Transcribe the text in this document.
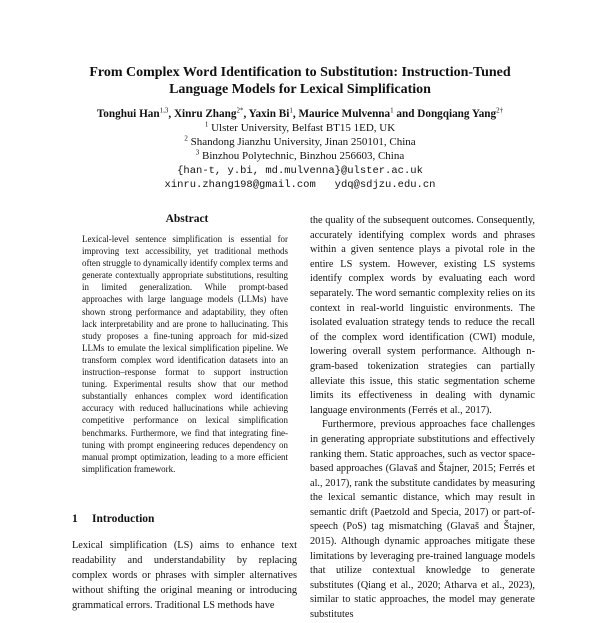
From Complex Word Identification to Substitution: Instruction-Tuned
Language Models for Lexical Simplification
Tonghui Han$^{1,3}$, Xinru Zhang$^{2*}$, Yaxin Bi$^1$, Maurice Mulvenna$^1$ and Dongqiang Yang$^{2\dagger}$
$^1$ Ulster University, Belfast BT15 1ED, UK
$^2$ Shandong Jianzhu University, Jinan 250101, China
$^3$ Binzhou Polytechnic, Binzhou 256603, China
{han-t, y.bi, md.mulvenna}@ulster.ac.uk
xinru.zhang198@gmail.com   ydq@sdjzu.edu.cn
Abstract
Lexical-level sentence simplification is essential for improving text accessibility, yet traditional methods often struggle to dynamically identify complex terms and generate contextually appropriate substitutions, resulting in limited generalization. While prompt-based approaches with large language models (LLMs) have shown strong performance and adaptability, they often lack interpretability and are prone to hallucinating. This study proposes a fine-tuning approach for mid-sized LLMs to emulate the lexical simplification pipeline. We transform complex word identification datasets into an instruction–response format to support instruction tuning. Experimental results show that our method substantially enhances complex word identification accuracy with reduced hallucinations while achieving competitive performance on lexical simplification benchmarks. Furthermore, we find that integrating fine-tuning with prompt engineering reduces dependency on manual prompt optimization, leading to a more efficient simplification framework.
1 Introduction
Lexical simplification (LS) aims to enhance text readability and understandability by replacing complex words or phrases with simpler alternatives without shifting the original meaning or introducing grammatical errors. Traditional LS methods have

the quality of the subsequent outcomes. Consequently, accurately identifying complex words and phrases within a given sentence plays a pivotal role in the entire LS system. However, existing LS systems identify complex words by evaluating each word separately. The word semantic complexity relies on its context in real-world linguistic environments. The isolated evaluation strategy tends to reduce the recall of the complex word identification (CWI) module, lowering overall system performance. Although n-gram-based tokenization strategies can partially alleviate this issue, this static segmentation scheme limits its effectiveness in dealing with dynamic language environments (Ferrés et al., 2017).

Furthermore, previous approaches face challenges in generating appropriate substitutions and effectively ranking them. Static approaches, such as vector space-based approaches (Glavaš and Štajner, 2015; Ferrés et al., 2017), rank the substitute candidates by measuring the lexical semantic distance, which may result in semantic drift (Paetzold and Specia, 2017) or part-of-speech (PoS) tag mismatching (Glavaš and Štajner, 2015). Although dynamic approaches mitigate these limitations by leveraging pre-trained language models that utilize contextual knowledge to generate substitutes (Qiang et al., 2020; Atharva et al., 2023), similar to static approaches, the model may generate substitutes
